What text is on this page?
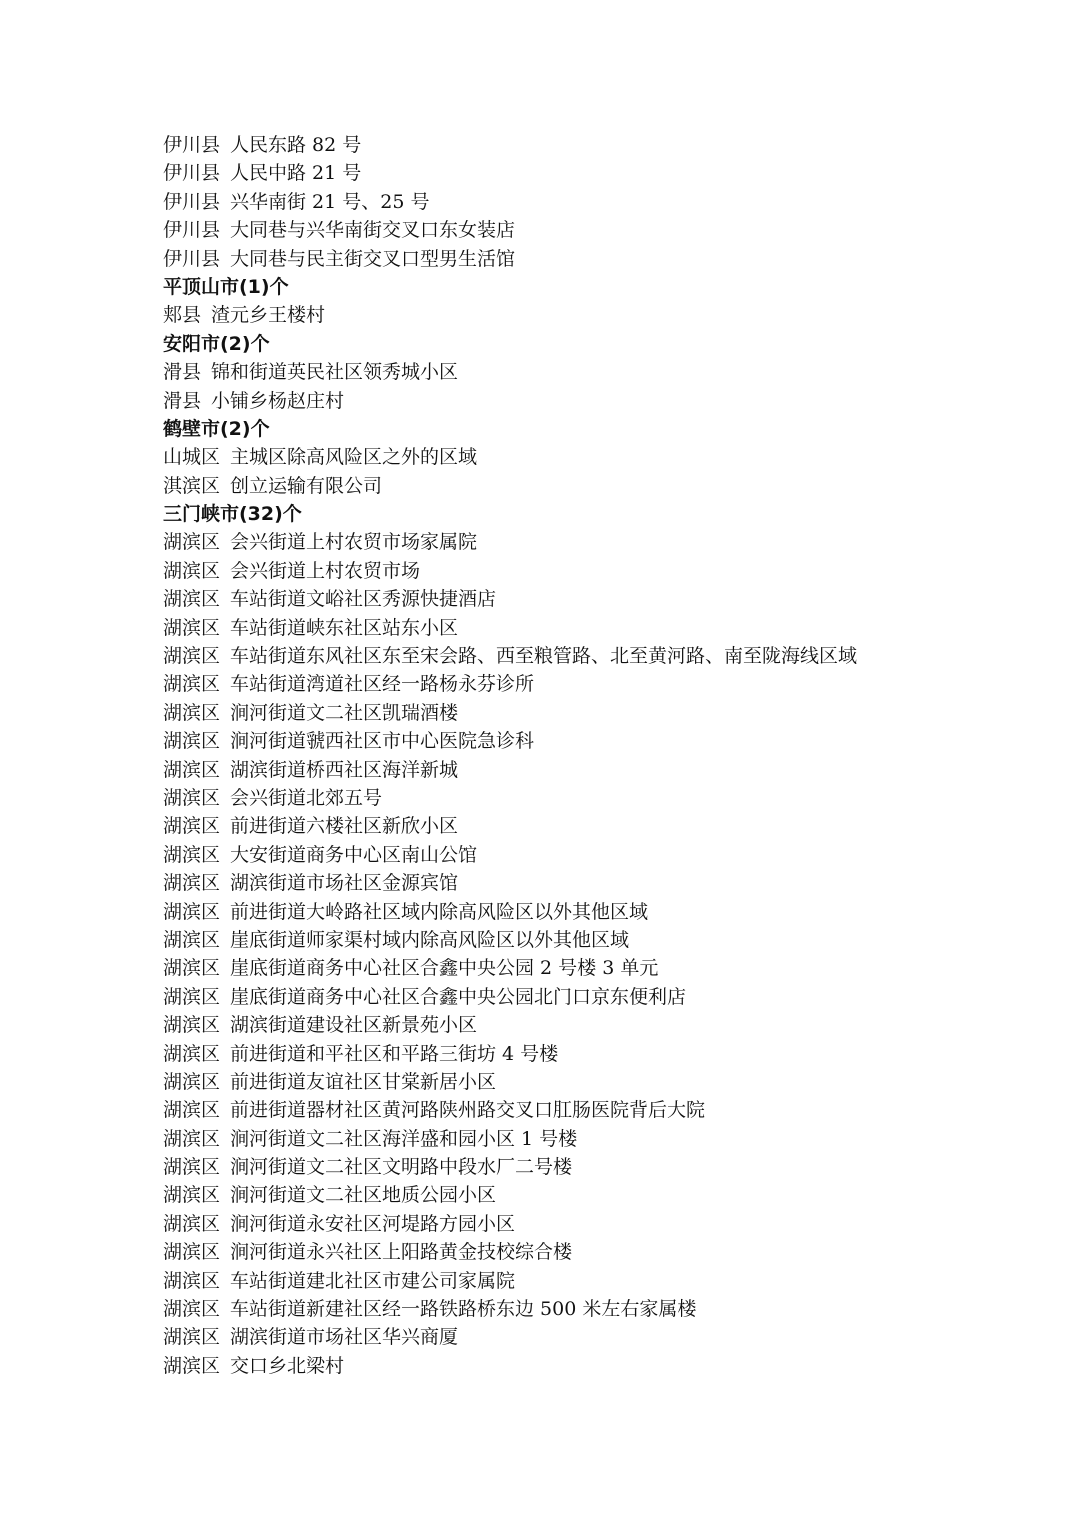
伊川县 人民东路 82 号
伊川县 人民中路 21 号
伊川县 兴华南街 21 号、25 号
伊川县 大同巷与兴华南街交叉口东女装店
伊川县 大同巷与民主街交叉口型男生活馆
平顶山市(1)个
郏县 渣元乡王楼村
安阳市(2)个
滑县 锦和街道英民社区领秀城小区
滑县 小铺乡杨赵庄村
鹤壁市(2)个
山城区 主城区除高风险区之外的区域
淇滨区 创立运输有限公司
三门峡市(32)个
湖滨区 会兴街道上村农贸市场家属院
湖滨区 会兴街道上村农贸市场
湖滨区 车站街道文峪社区秀源快捷酒店
湖滨区 车站街道峡东社区站东小区
湖滨区 车站街道东风社区东至宋会路、西至粮管路、北至黄河路、南至陇海线区域
湖滨区 车站街道湾道社区经一路杨永芬诊所
湖滨区 涧河街道文二社区凯瑞酒楼
湖滨区 涧河街道虢西社区市中心医院急诊科
湖滨区 湖滨街道桥西社区海洋新城
湖滨区 会兴街道北郊五号
湖滨区 前进街道六楼社区新欣小区
湖滨区 大安街道商务中心区南山公馆
湖滨区 湖滨街道市场社区金源宾馆
湖滨区 前进街道大岭路社区域内除高风险区以外其他区域
湖滨区 崖底街道师家渠村域内除高风险区以外其他区域
湖滨区 崖底街道商务中心社区合鑫中央公园 2 号楼 3 单元
湖滨区 崖底街道商务中心社区合鑫中央公园北门口京东便利店
湖滨区 湖滨街道建设社区新景苑小区
湖滨区 前进街道和平社区和平路三街坊 4 号楼
湖滨区 前进街道友谊社区甘棠新居小区
湖滨区 前进街道器材社区黄河路陕州路交叉口肛肠医院背后大院
湖滨区 涧河街道文二社区海洋盛和园小区 1 号楼
湖滨区 涧河街道文二社区文明路中段水厂二号楼
湖滨区 涧河街道文二社区地质公园小区
湖滨区 涧河街道永安社区河堤路方园小区
湖滨区 涧河街道永兴社区上阳路黄金技校综合楼
湖滨区 车站街道建北社区市建公司家属院
湖滨区 车站街道新建社区经一路铁路桥东边 500 米左右家属楼
湖滨区 湖滨街道市场社区华兴商厦
湖滨区 交口乡北梁村
